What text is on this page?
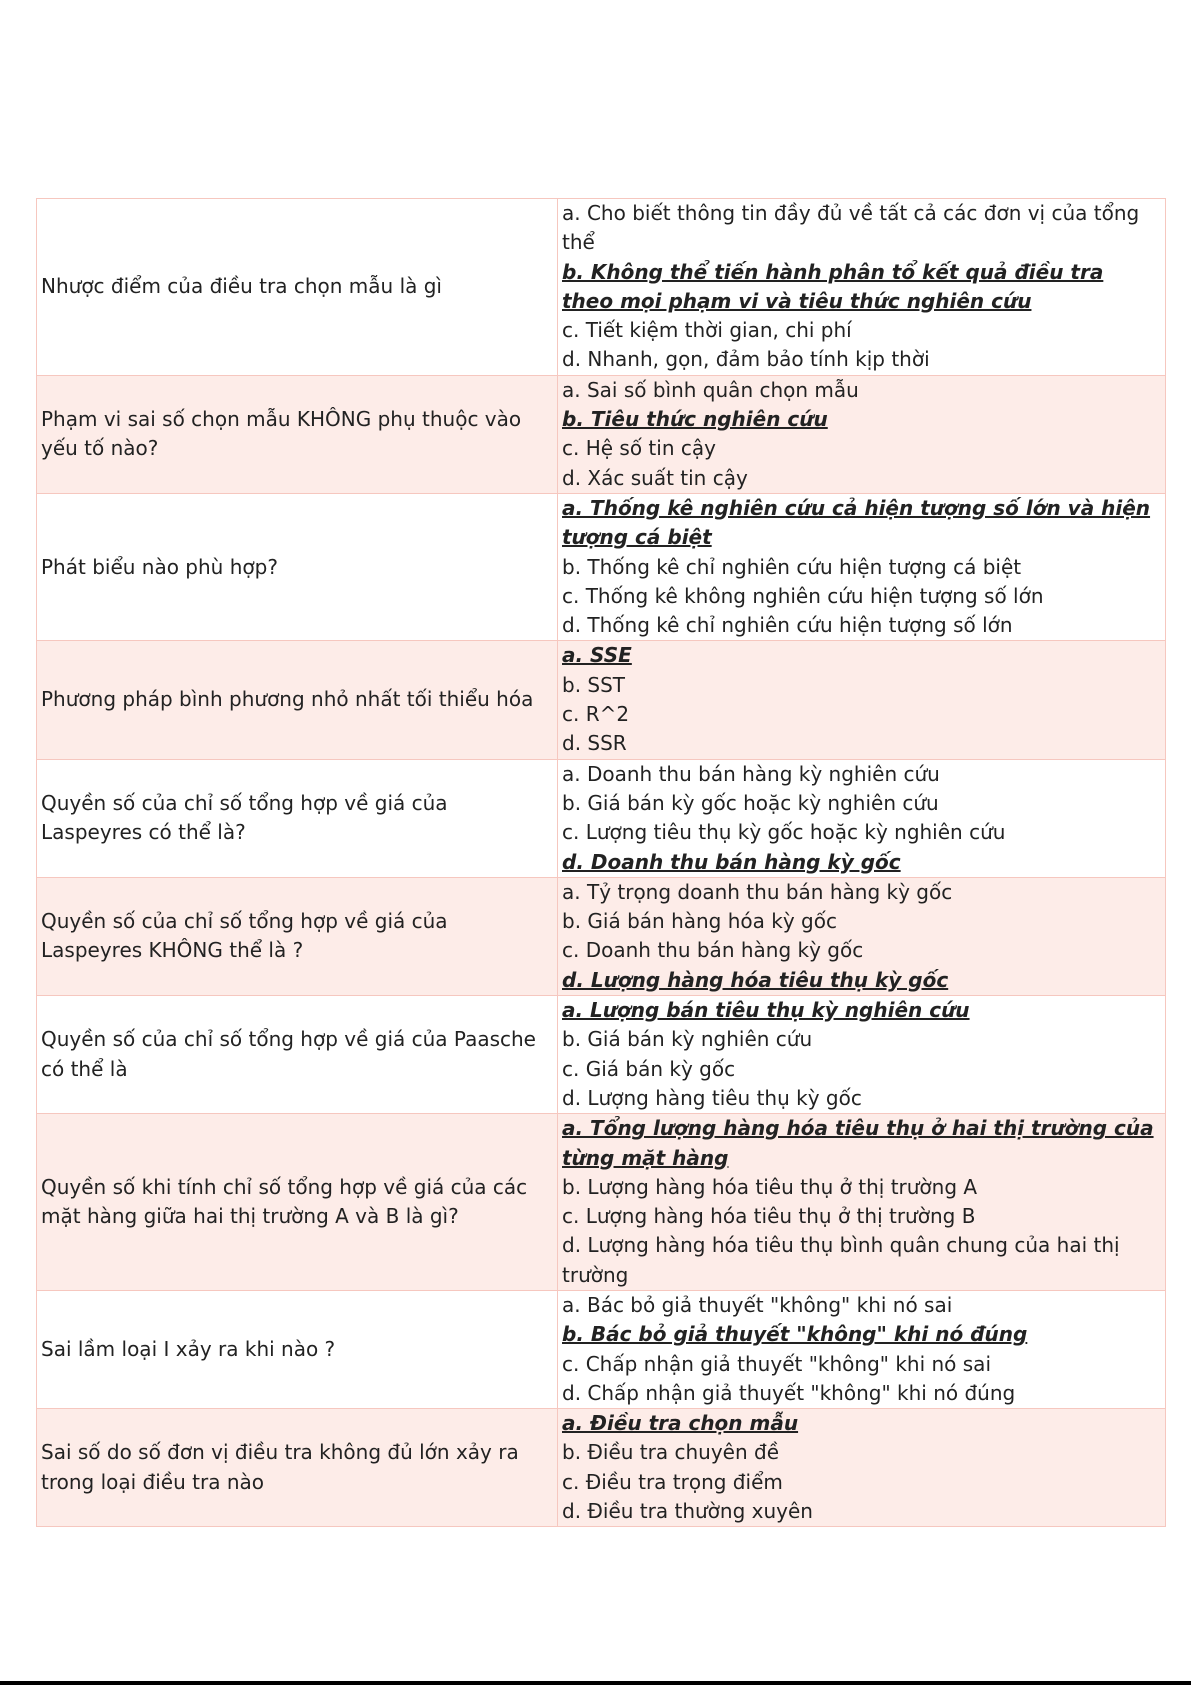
Nhược điểm của điều tra chọn mẫu là gì	a. Cho biết thông tin đầy đủ về tất cả các đơn vị của tổng thể
b. Không thể tiến hành phân tổ kết quả điều tra theo mọi phạm vi và tiêu thức nghiên cứu
c. Tiết kiệm thời gian, chi phí
d. Nhanh, gọn, đảm bảo tính kịp thời

Phạm vi sai số chọn mẫu KHÔNG phụ thuộc vào yếu tố nào?	a. Sai số bình quân chọn mẫu
b. Tiêu thức nghiên cứu
c. Hệ số tin cậy
d. Xác suất tin cậy

Phát biểu nào phù hợp?	a. Thống kê nghiên cứu cả hiện tượng số lớn và hiện tượng cá biệt
b. Thống kê chỉ nghiên cứu hiện tượng cá biệt
c. Thống kê không nghiên cứu hiện tượng số lớn
d. Thống kê chỉ nghiên cứu hiện tượng số lớn

Phương pháp bình phương nhỏ nhất tối thiểu hóa	a. SSE
b. SST
c. R^2
d. SSR

Quyền số của chỉ số tổng hợp về giá của Laspeyres có thể là?	a. Doanh thu bán hàng kỳ nghiên cứu
b. Giá bán kỳ gốc hoặc kỳ nghiên cứu
c. Lượng tiêu thụ kỳ gốc hoặc kỳ nghiên cứu
d. Doanh thu bán hàng kỳ gốc

Quyền số của chỉ số tổng hợp về giá của Laspeyres KHÔNG thể là ?	a. Tỷ trọng doanh thu bán hàng kỳ gốc
b. Giá bán hàng hóa kỳ gốc
c. Doanh thu bán hàng kỳ gốc
d. Lượng hàng hóa tiêu thụ kỳ gốc

Quyền số của chỉ số tổng hợp về giá của Paasche có thể là	a. Lượng bán tiêu thụ kỳ nghiên cứu
b. Giá bán kỳ nghiên cứu
c. Giá bán kỳ gốc
d. Lượng hàng tiêu thụ kỳ gốc

Quyền số khi tính chỉ số tổng hợp về giá của các mặt hàng giữa hai thị trường A và B là gì?	a. Tổng lượng hàng hóa tiêu thụ ở hai thị trường của từng mặt hàng
b. Lượng hàng hóa tiêu thụ ở thị trường A
c. Lượng hàng hóa tiêu thụ ở thị trường B
d. Lượng hàng hóa tiêu thụ bình quân chung của hai thị trường

Sai lầm loại I xảy ra khi nào ?	a. Bác bỏ giả thuyết "không" khi nó sai
b. Bác bỏ giả thuyết "không" khi nó đúng
c. Chấp nhận giả thuyết "không" khi nó sai
d. Chấp nhận giả thuyết "không" khi nó đúng

Sai số do số đơn vị điều tra không đủ lớn xảy ra trong loại điều tra nào	a. Điều tra chọn mẫu
b. Điều tra chuyên đề
c. Điều tra trọng điểm
d. Điều tra thường xuyên
